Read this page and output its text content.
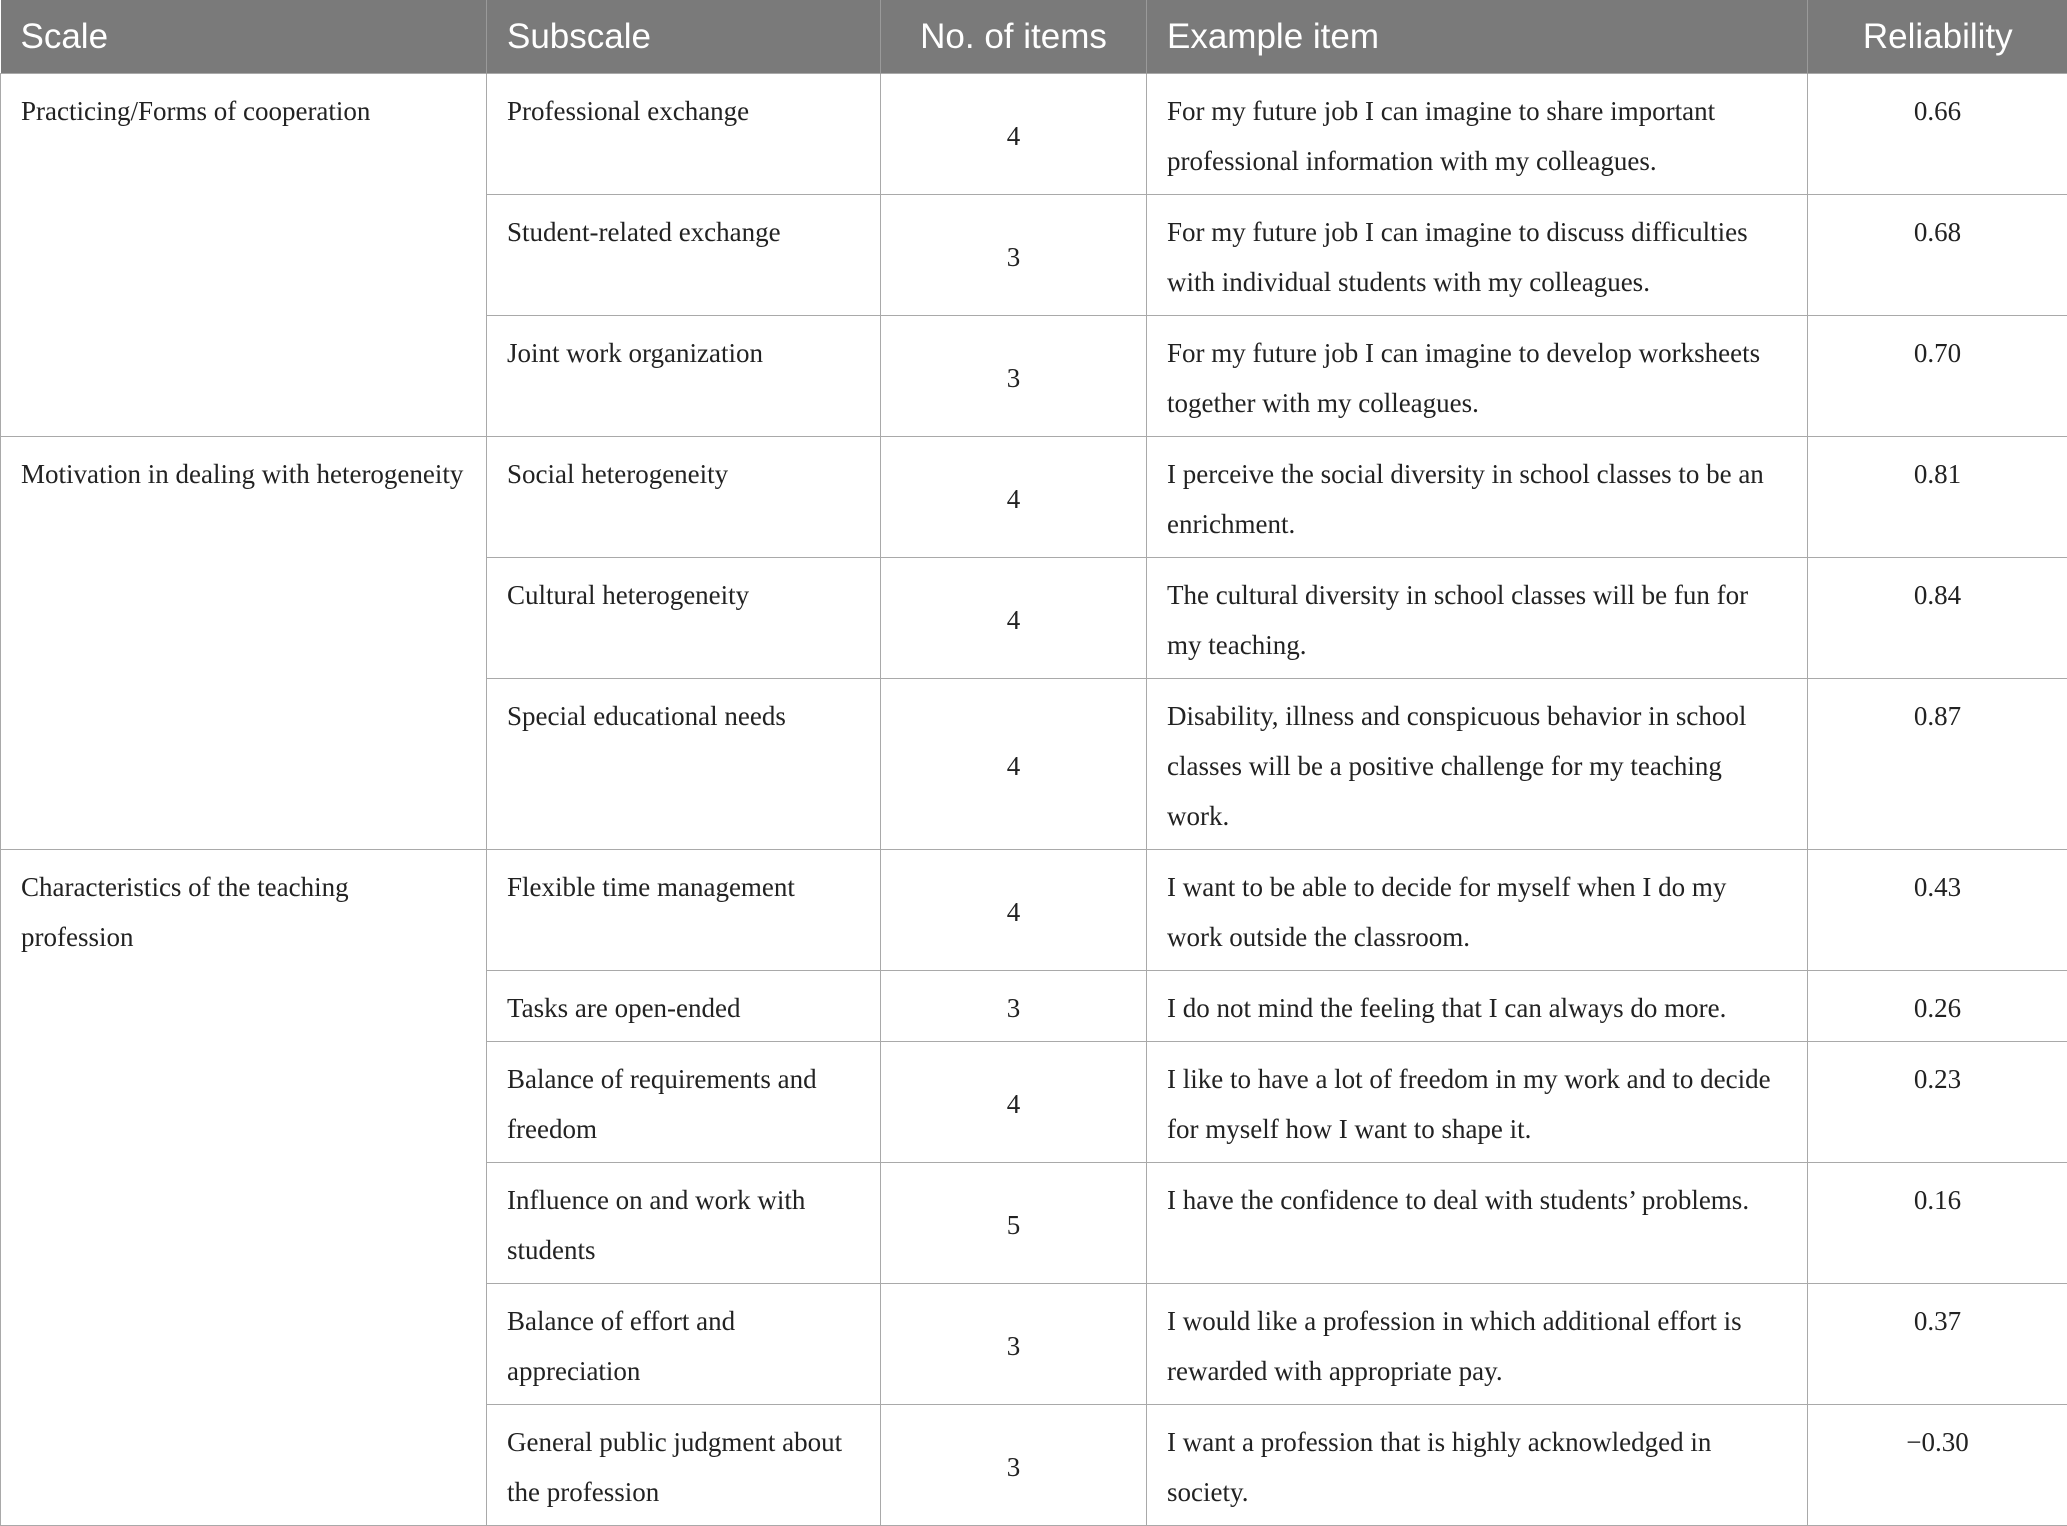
Scale	Subscale	No. of items	Example item	Reliability
Practicing/Forms of cooperation	Professional exchange	4	For my future job I can imagine to share important professional information with my colleagues.	0.66
	Student-related exchange	3	For my future job I can imagine to discuss difficulties with individual students with my colleagues.	0.68
	Joint work organization	3	For my future job I can imagine to develop worksheets together with my colleagues.	0.70
Motivation in dealing with heterogeneity	Social heterogeneity	4	I perceive the social diversity in school classes to be an enrichment.	0.81
	Cultural heterogeneity	4	The cultural diversity in school classes will be fun for my teaching.	0.84
	Special educational needs	4	Disability, illness and conspicuous behavior in school classes will be a positive challenge for my teaching work.	0.87
Characteristics of the teaching profession	Flexible time management	4	I want to be able to decide for myself when I do my work outside the classroom.	0.43
	Tasks are open-ended	3	I do not mind the feeling that I can always do more.	0.26
	Balance of requirements and freedom	4	I like to have a lot of freedom in my work and to decide for myself how I want to shape it.	0.23
	Influence on and work with students	5	I have the confidence to deal with students’ problems.	0.16
	Balance of effort and appreciation	3	I would like a profession in which additional effort is rewarded with appropriate pay.	0.37
	General public judgment about the profession	3	I want a profession that is highly acknowledged in society.	−0.30
